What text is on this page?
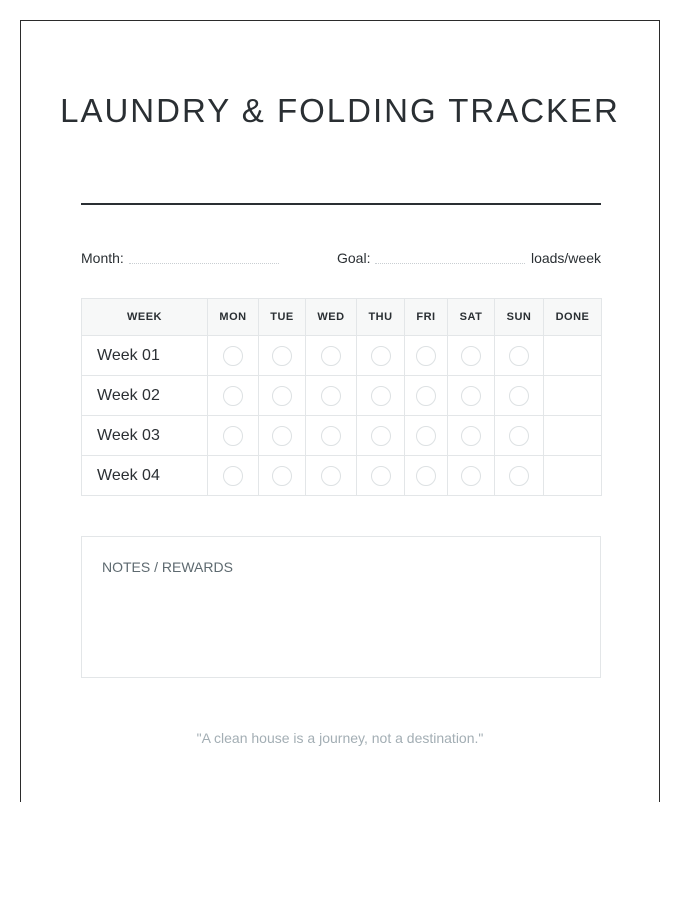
LAUNDRY & FOLDING TRACKER
Month:	Goal:	loads/week
WEEK	MON	TUE	WED	THU	FRI	SAT	SUN	DONE
Week 01								
Week 02								
Week 03								
Week 04								
NOTES / REWARDS
"A clean house is a journey, not a destination."
